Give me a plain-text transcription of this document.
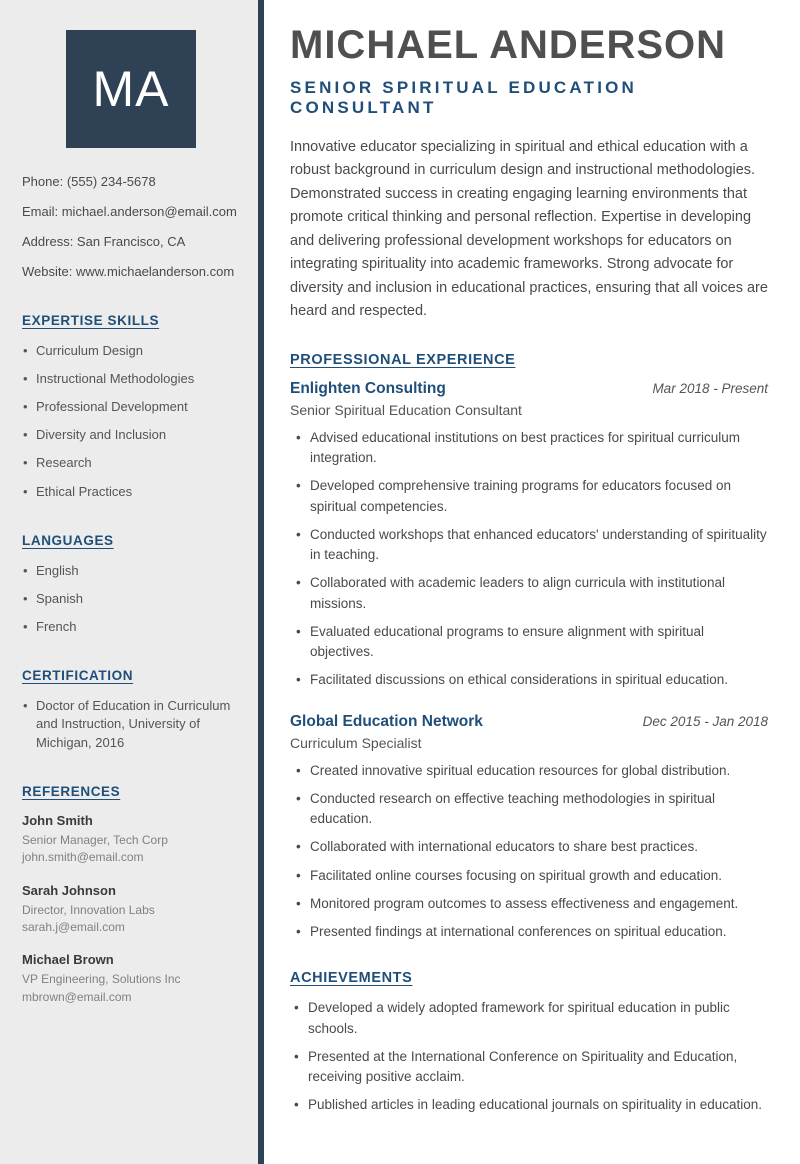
MA
Phone: (555) 234-5678
Email: michael.anderson@email.com
Address: San Francisco, CA
Website: www.michaelanderson.com
EXPERTISE SKILLS
• Curriculum Design
• Instructional Methodologies
• Professional Development
• Diversity and Inclusion
• Research
• Ethical Practices
LANGUAGES
• English
• Spanish
• French
CERTIFICATION
• Doctor of Education in Curriculum and Instruction, University of Michigan, 2016
REFERENCES
John Smith
Senior Manager, Tech Corp
john.smith@email.com
Sarah Johnson
Director, Innovation Labs
sarah.j@email.com
Michael Brown
VP Engineering, Solutions Inc
mbrown@email.com
MICHAEL ANDERSON
SENIOR SPIRITUAL EDUCATION CONSULTANT

Innovative educator specializing in spiritual and ethical education with a robust background in curriculum design and instructional methodologies. Demonstrated success in creating engaging learning environments that promote critical thinking and personal reflection. Expertise in developing and delivering professional development workshops for educators on integrating spirituality into academic frameworks. Strong advocate for diversity and inclusion in educational practices, ensuring that all voices are heard and respected.

PROFESSIONAL EXPERIENCE
Enlighten Consulting	Mar 2018 - Present
Senior Spiritual Education Consultant
• Advised educational institutions on best practices for spiritual curriculum integration.
• Developed comprehensive training programs for educators focused on spiritual competencies.
• Conducted workshops that enhanced educators' understanding of spirituality in teaching.
• Collaborated with academic leaders to align curricula with institutional missions.
• Evaluated educational programs to ensure alignment with spiritual objectives.
• Facilitated discussions on ethical considerations in spiritual education.
Global Education Network	Dec 2015 - Jan 2018
Curriculum Specialist
• Created innovative spiritual education resources for global distribution.
• Conducted research on effective teaching methodologies in spiritual education.
• Collaborated with international educators to share best practices.
• Facilitated online courses focusing on spiritual growth and education.
• Monitored program outcomes to assess effectiveness and engagement.
• Presented findings at international conferences on spiritual education.
ACHIEVEMENTS
• Developed a widely adopted framework for spiritual education in public schools.
• Presented at the International Conference on Spirituality and Education, receiving positive acclaim.
• Published articles in leading educational journals on spirituality in education.
